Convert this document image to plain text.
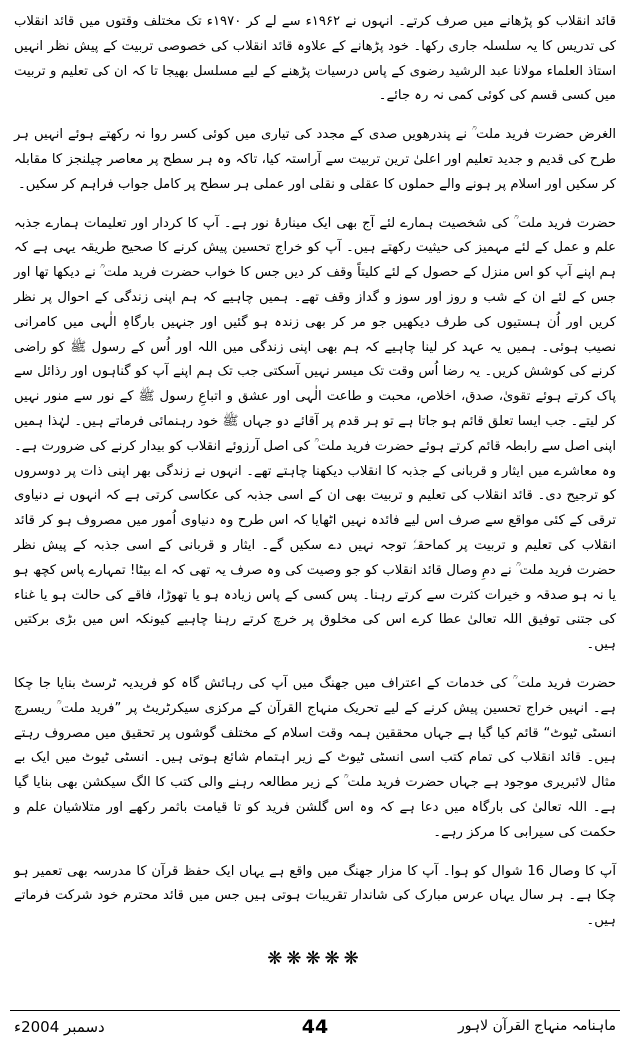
قائد انقلاب کو پڑھانے میں صرف کرتے۔ انہوں نے ۱۹۶۲ء سے لے کر ۱۹۷۰ء تک مختلف وقتوں میں قائد انقلاب کی تدریس کا یہ سلسلہ جاری رکھا۔ خود پڑھانے کے علاوہ قائد انقلاب کی خصوصی تربیت کے پیش نظر انہیں استاذ العلماء مولانا عبد الرشید رضوی کے پاس درسیات پڑھنے کے لیے مسلسل بھیجا تا کہ ان کی تعلیم و تربیت میں کسی قسم کی کوئی کمی نہ رہ جائے۔

الغرض حضرت فرید ملت ؒ نے پندرھویں صدی کے مجدد کی تیاری میں کوئی کسر روا نہ رکھتے ہوئے انہیں ہر طرح کی قدیم و جدید تعلیم اور اعلیٰ ترین تربیت سے آراستہ کیا، تاکہ وہ ہر سطح پر معاصر چیلنجز کا مقابلہ کر سکیں اور اسلام پر ہونے والے حملوں کا عقلی و نقلی اور عملی ہر سطح پر کامل جواب فراہم کر سکیں۔

حضرت فرید ملت ؒ کی شخصیت ہمارے لئے آج بھی ایک مینارۂ نور ہے۔ آپ کا کردار اور تعلیمات ہمارے جذبہ علم و عمل کے لئے مہمیز کی حیثیت رکھتے ہیں۔ آپ کو خراج تحسین پیش کرنے کا صحیح طریقہ یہی ہے کہ ہم اپنے آپ کو اس منزل کے حصول کے لئے کلیتاً وقف کر دیں جس کا خواب حضرت فرید ملت ؒ نے دیکھا تھا اور جس کے لئے ان کے شب و روز اور سوز و گداز وقف تھے۔ ہمیں چاہیے کہ ہم اپنی زندگی کے احوال پر نظر کریں اور اُن ہستیوں کی طرف دیکھیں جو مر کر بھی زندہ ہو گئیں اور جنہیں بارگاہِ الٰہی میں کامرانی نصیب ہوئی۔ ہمیں یہ عہد کر لینا چاہیے کہ ہم بھی اپنی زندگی میں اللہ اور اُس کے رسول ﷺ کو راضی کرنے کی کوشش کریں۔ یہ رضا اُس وقت تک میسر نہیں آسکتی جب تک ہم اپنے آپ کو گناہوں اور رذائل سے پاک کرتے ہوئے تقویٰ، صدق، اخلاص، محبت و طاعت الٰہی اور عشق و اتباعِ رسول ﷺ کے نور سے منور نہیں کر لیتے۔ جب ایسا تعلق قائم ہو جاتا ہے تو ہر قدم پر آقائے دو جہاں ﷺ خود رہنمائی فرماتے ہیں۔ لہٰذا ہمیں اپنی اصل سے رابطہ قائم کرتے ہوئے حضرت فرید ملت ؒ کی اصل آرزوئے انقلاب کو بیدار کرنے کی ضرورت ہے۔ وہ معاشرے میں ایثار و قربانی کے جذبہ کا انقلاب دیکھنا چاہتے تھے۔ انہوں نے زندگی بھر اپنی ذات پر دوسروں کو ترجیح دی۔ قائد انقلاب کی تعلیم و تربیت بھی ان کے اسی جذبہ کی عکاسی کرتی ہے کہ انہوں نے دنیاوی ترقی کے کئی مواقع سے صرف اس لیے فائدہ نہیں اٹھایا کہ اس طرح وہ دنیاوی اُمور میں مصروف ہو کر قائد انقلاب کی تعلیم و تربیت پر کماحقہٗ توجہ نہیں دے سکیں گے۔ ایثار و قربانی کے اسی جذبہ کے پیش نظر حضرت فرید ملت ؒ نے دمِ وصال قائد انقلاب کو جو وصیت کی وہ صرف یہ تھی کہ اے بیٹا! تمہارے پاس کچھ ہو یا نہ ہو صدقہ و خیرات کثرت سے کرتے رہنا۔ پس کسی کے پاس زیادہ ہو یا تھوڑا، فاقے کی حالت ہو یا غناء کی جتنی توفیق اللہ تعالیٰ عطا کرے اس کی مخلوق پر خرچ کرتے رہنا چاہیے کیونکہ اس میں بڑی برکتیں ہیں۔

حضرت فرید ملت ؒ کی خدمات کے اعتراف میں جھنگ میں آپ کی رہائش گاہ کو فریدیہ ٹرسٹ بنایا جا چکا ہے۔ انہیں خراج تحسین پیش کرنے کے لیے تحریک منہاج القرآن کے مرکزی سیکرٹریٹ پر ”فرید ملت ؒ ریسرچ انسٹی ٹیوٹ“ قائم کیا گیا ہے جہاں محققین ہمہ وقت اسلام کے مختلف گوشوں پر تحقیق میں مصروف رہتے ہیں۔ قائد انقلاب کی تمام کتب اسی انسٹی ٹیوٹ کے زیر اہتمام شائع ہوتی ہیں۔ انسٹی ٹیوٹ میں ایک بے مثال لائبریری موجود ہے جہاں حضرت فرید ملت ؒ کے زیر مطالعہ رہنے والی کتب کا الگ سیکشن بھی بنایا گیا ہے۔ اللہ تعالیٰ کی بارگاہ میں دعا ہے کہ وہ اس گلشن فرید کو تا قیامت باثمر رکھے اور متلاشیان علم و حکمت کی سیرابی کا مرکز رہے۔

آپ کا وصال 16 شوال کو ہوا۔ آپ کا مزار جھنگ میں واقع ہے یہاں ایک حفظ قرآن کا مدرسہ بھی تعمیر ہو چکا ہے۔ ہر سال یہاں عرس مبارک کی شاندار تقریبات ہوتی ہیں جس میں قائد محترم خود شرکت فرماتے ہیں۔

❋❋❋❋❋
دسمبر 2004ء	44	ماہنامہ منہاج القرآن لاہور
